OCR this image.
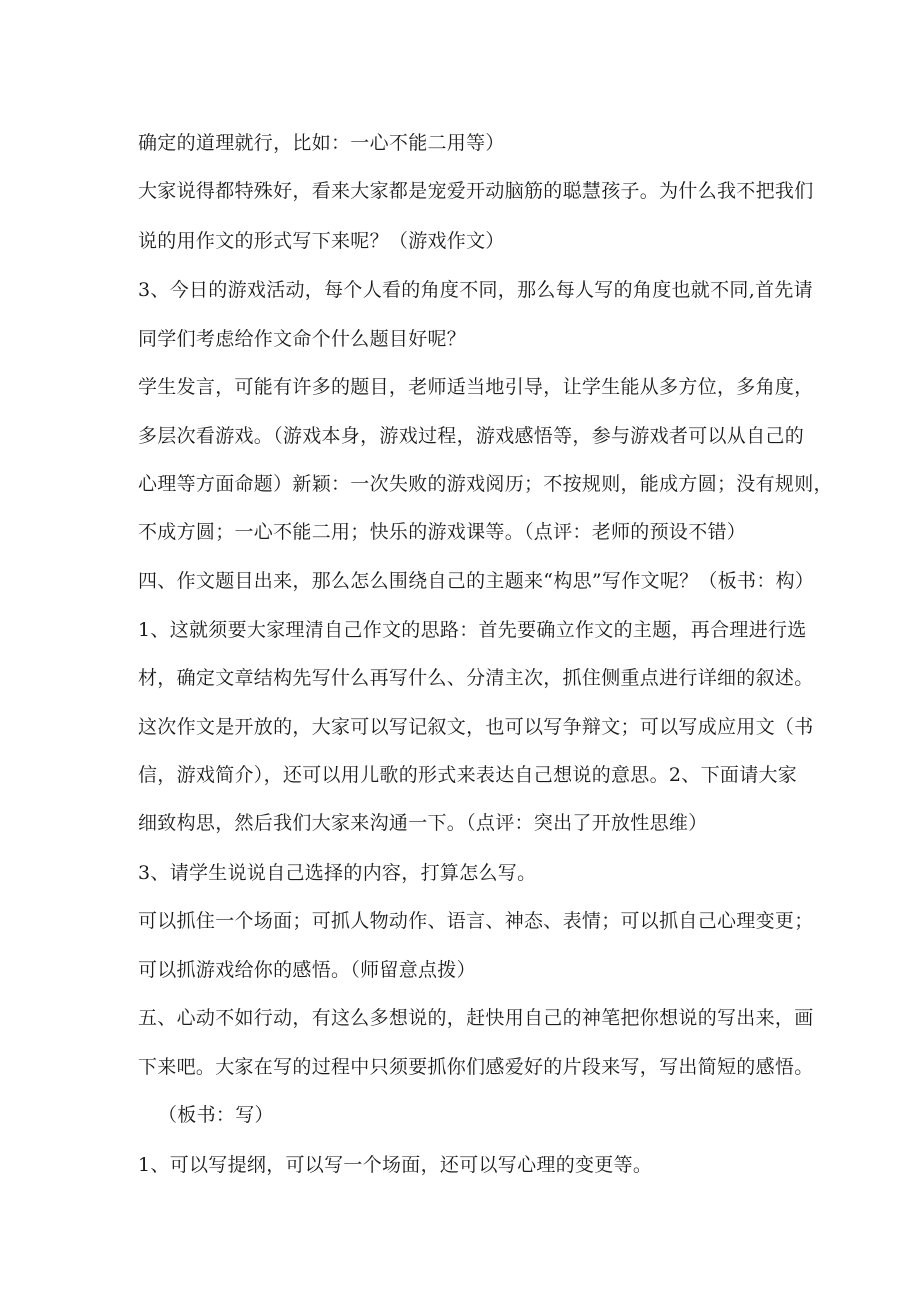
确定的道理就行，比如：一心不能二用等）
大家说得都特殊好，看来大家都是宠爱开动脑筋的聪慧孩子。为什么我不把我们
说的用作文的形式写下来呢？（游戏作文）
3、今日的游戏活动，每个人看的角度不同，那么每人写的角度也就不同,首先请
同学们考虑给作文命个什么题目好呢？
学生发言，可能有许多的题目，老师适当地引导，让学生能从多方位，多角度，
多层次看游戏。（游戏本身，游戏过程，游戏感悟等，参与游戏者可以从自己的
心理等方面命题）新颖：一次失败的游戏阅历；不按规则，能成方圆；没有规则，
不成方圆；一心不能二用；快乐的游戏课等。（点评：老师的预设不错）
四、作文题目出来，那么怎么围绕自己的主题来“构思”写作文呢？（板书：构）
1、这就须要大家理清自己作文的思路：首先要确立作文的主题，再合理进行选
材，确定文章结构先写什么再写什么、分清主次，抓住侧重点进行详细的叙述。
这次作文是开放的，大家可以写记叙文，也可以写争辩文；可以写成应用文（书
信，游戏简介），还可以用儿歌的形式来表达自己想说的意思。2、下面请大家
细致构思，然后我们大家来沟通一下。（点评：突出了开放性思维）
3、请学生说说自己选择的内容，打算怎么写。
可以抓住一个场面；可抓人物动作、语言、神态、表情；可以抓自己心理变更；
可以抓游戏给你的感悟。（师留意点拨）
五、心动不如行动，有这么多想说的，赶快用自己的神笔把你想说的写出来，画
下来吧。大家在写的过程中只须要抓你们感爱好的片段来写，写出简短的感悟。
（板书：写）
1、可以写提纲，可以写一个场面，还可以写心理的变更等。
